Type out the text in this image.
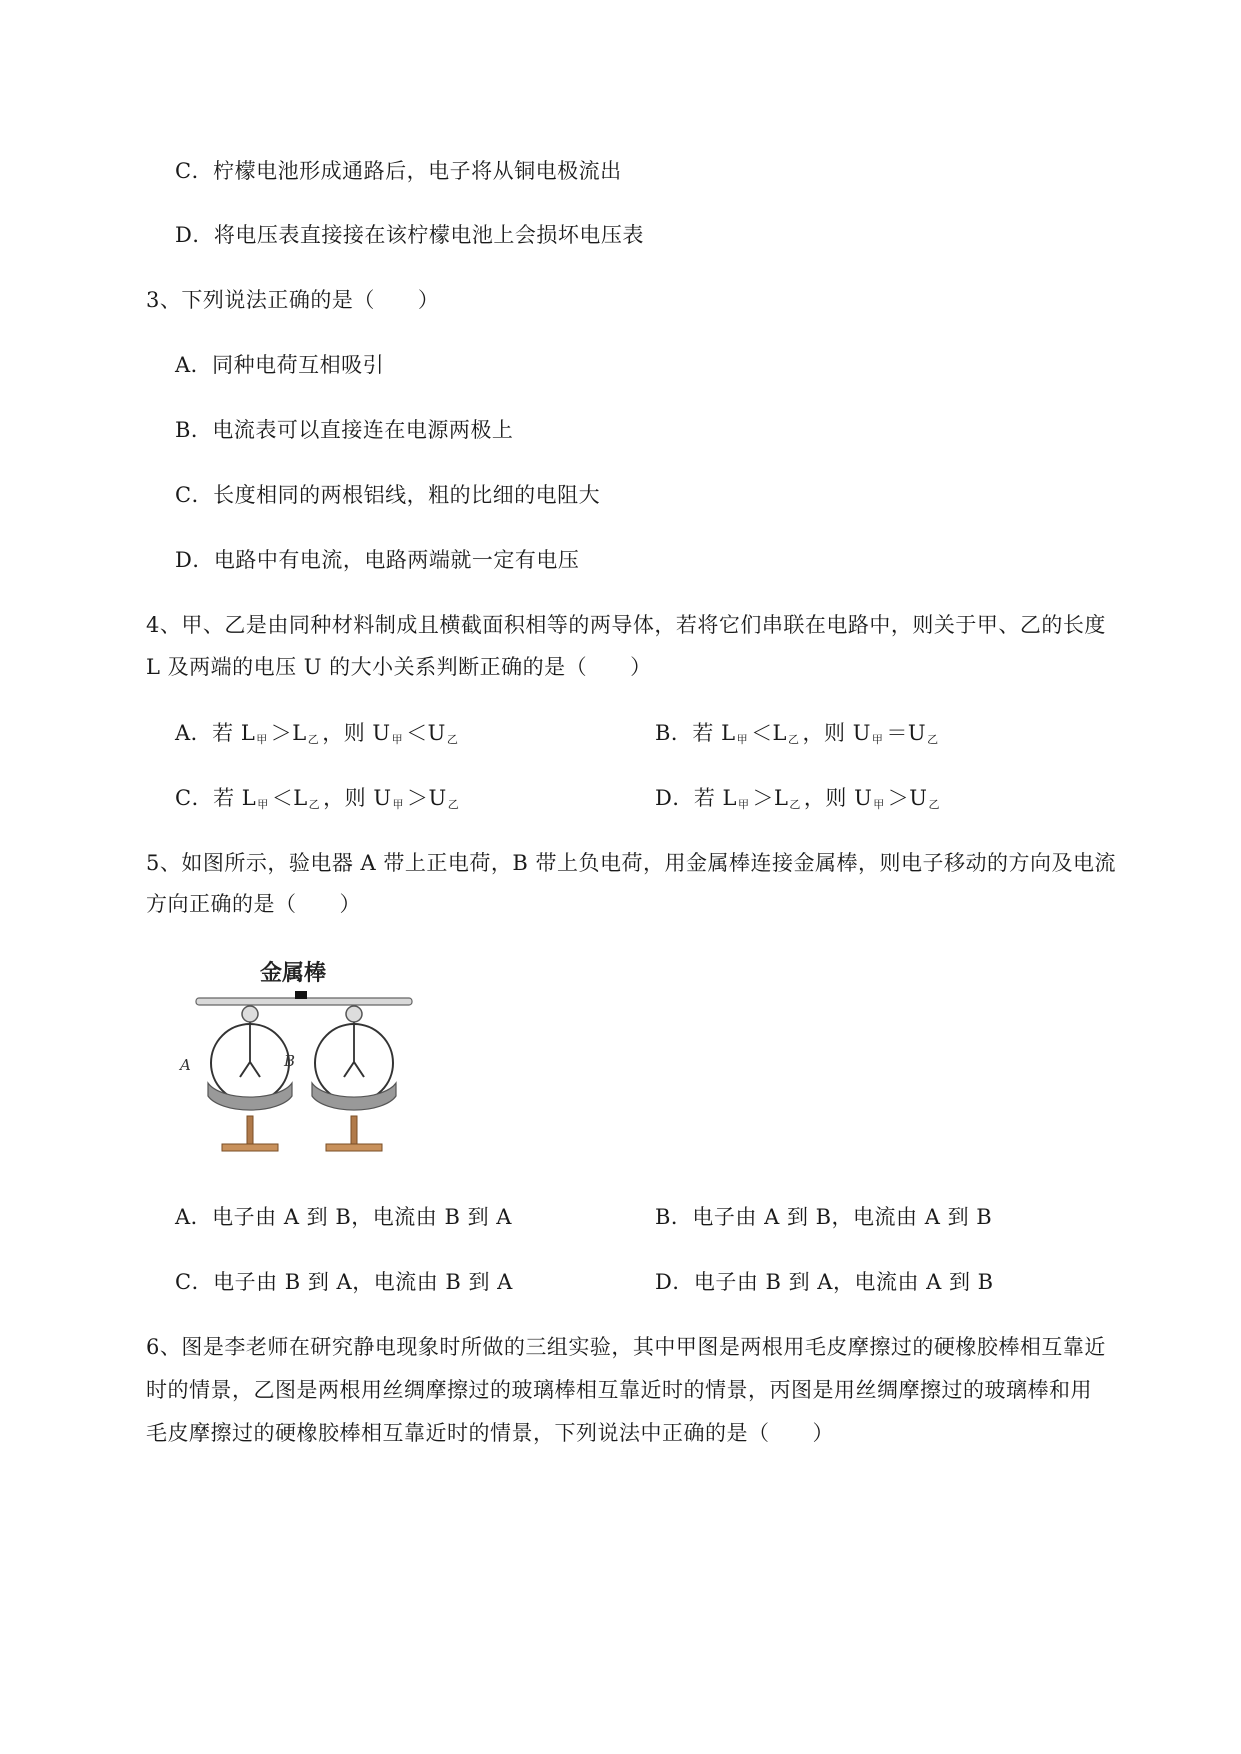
C．柠檬电池形成通路后，电子将从铜电极流出
D．将电压表直接接在该柠檬电池上会损坏电压表
3、下列说法正确的是（　　）
A．同种电荷互相吸引
B．电流表可以直接连在电源两极上
C．长度相同的两根铝线，粗的比细的电阻大
D．电路中有电流，电路两端就一定有电压
4、甲、乙是由同种材料制成且横截面积相等的两导体，若将它们串联在电路中，则关于甲、乙的长度
L 及两端的电压 U 的大小关系判断正确的是（　　）
A．若 $L_甲 >L_乙$ ，则 $U_甲 <U_乙$	B．若 $L_甲 <L_乙$ ，则 $U_甲 =U_乙$
C．若 $L_甲 <L_乙$ ，则 $U_甲 >U_乙$	D．若 $L_甲 >L_乙$ ，则 $U_甲 >U_乙$
5、如图所示，验电器 A 带上正电荷，B 带上负电荷，用金属棒连接金属棒，则电子移动的方向及电流
方向正确的是（　　）
金属棒
A	B
A．电子由 A 到 B，电流由 B 到 A	B．电子由 A 到 B，电流由 A 到 B
C．电子由 B 到 A，电流由 B 到 A	D．电子由 B 到 A，电流由 A 到 B
6、图是李老师在研究静电现象时所做的三组实验，其中甲图是两根用毛皮摩擦过的硬橡胶棒相互靠近
时的情景，乙图是两根用丝绸摩擦过的玻璃棒相互靠近时的情景，丙图是用丝绸摩擦过的玻璃棒和用
毛皮摩擦过的硬橡胶棒相互靠近时的情景，下列说法中正确的是（　　）
